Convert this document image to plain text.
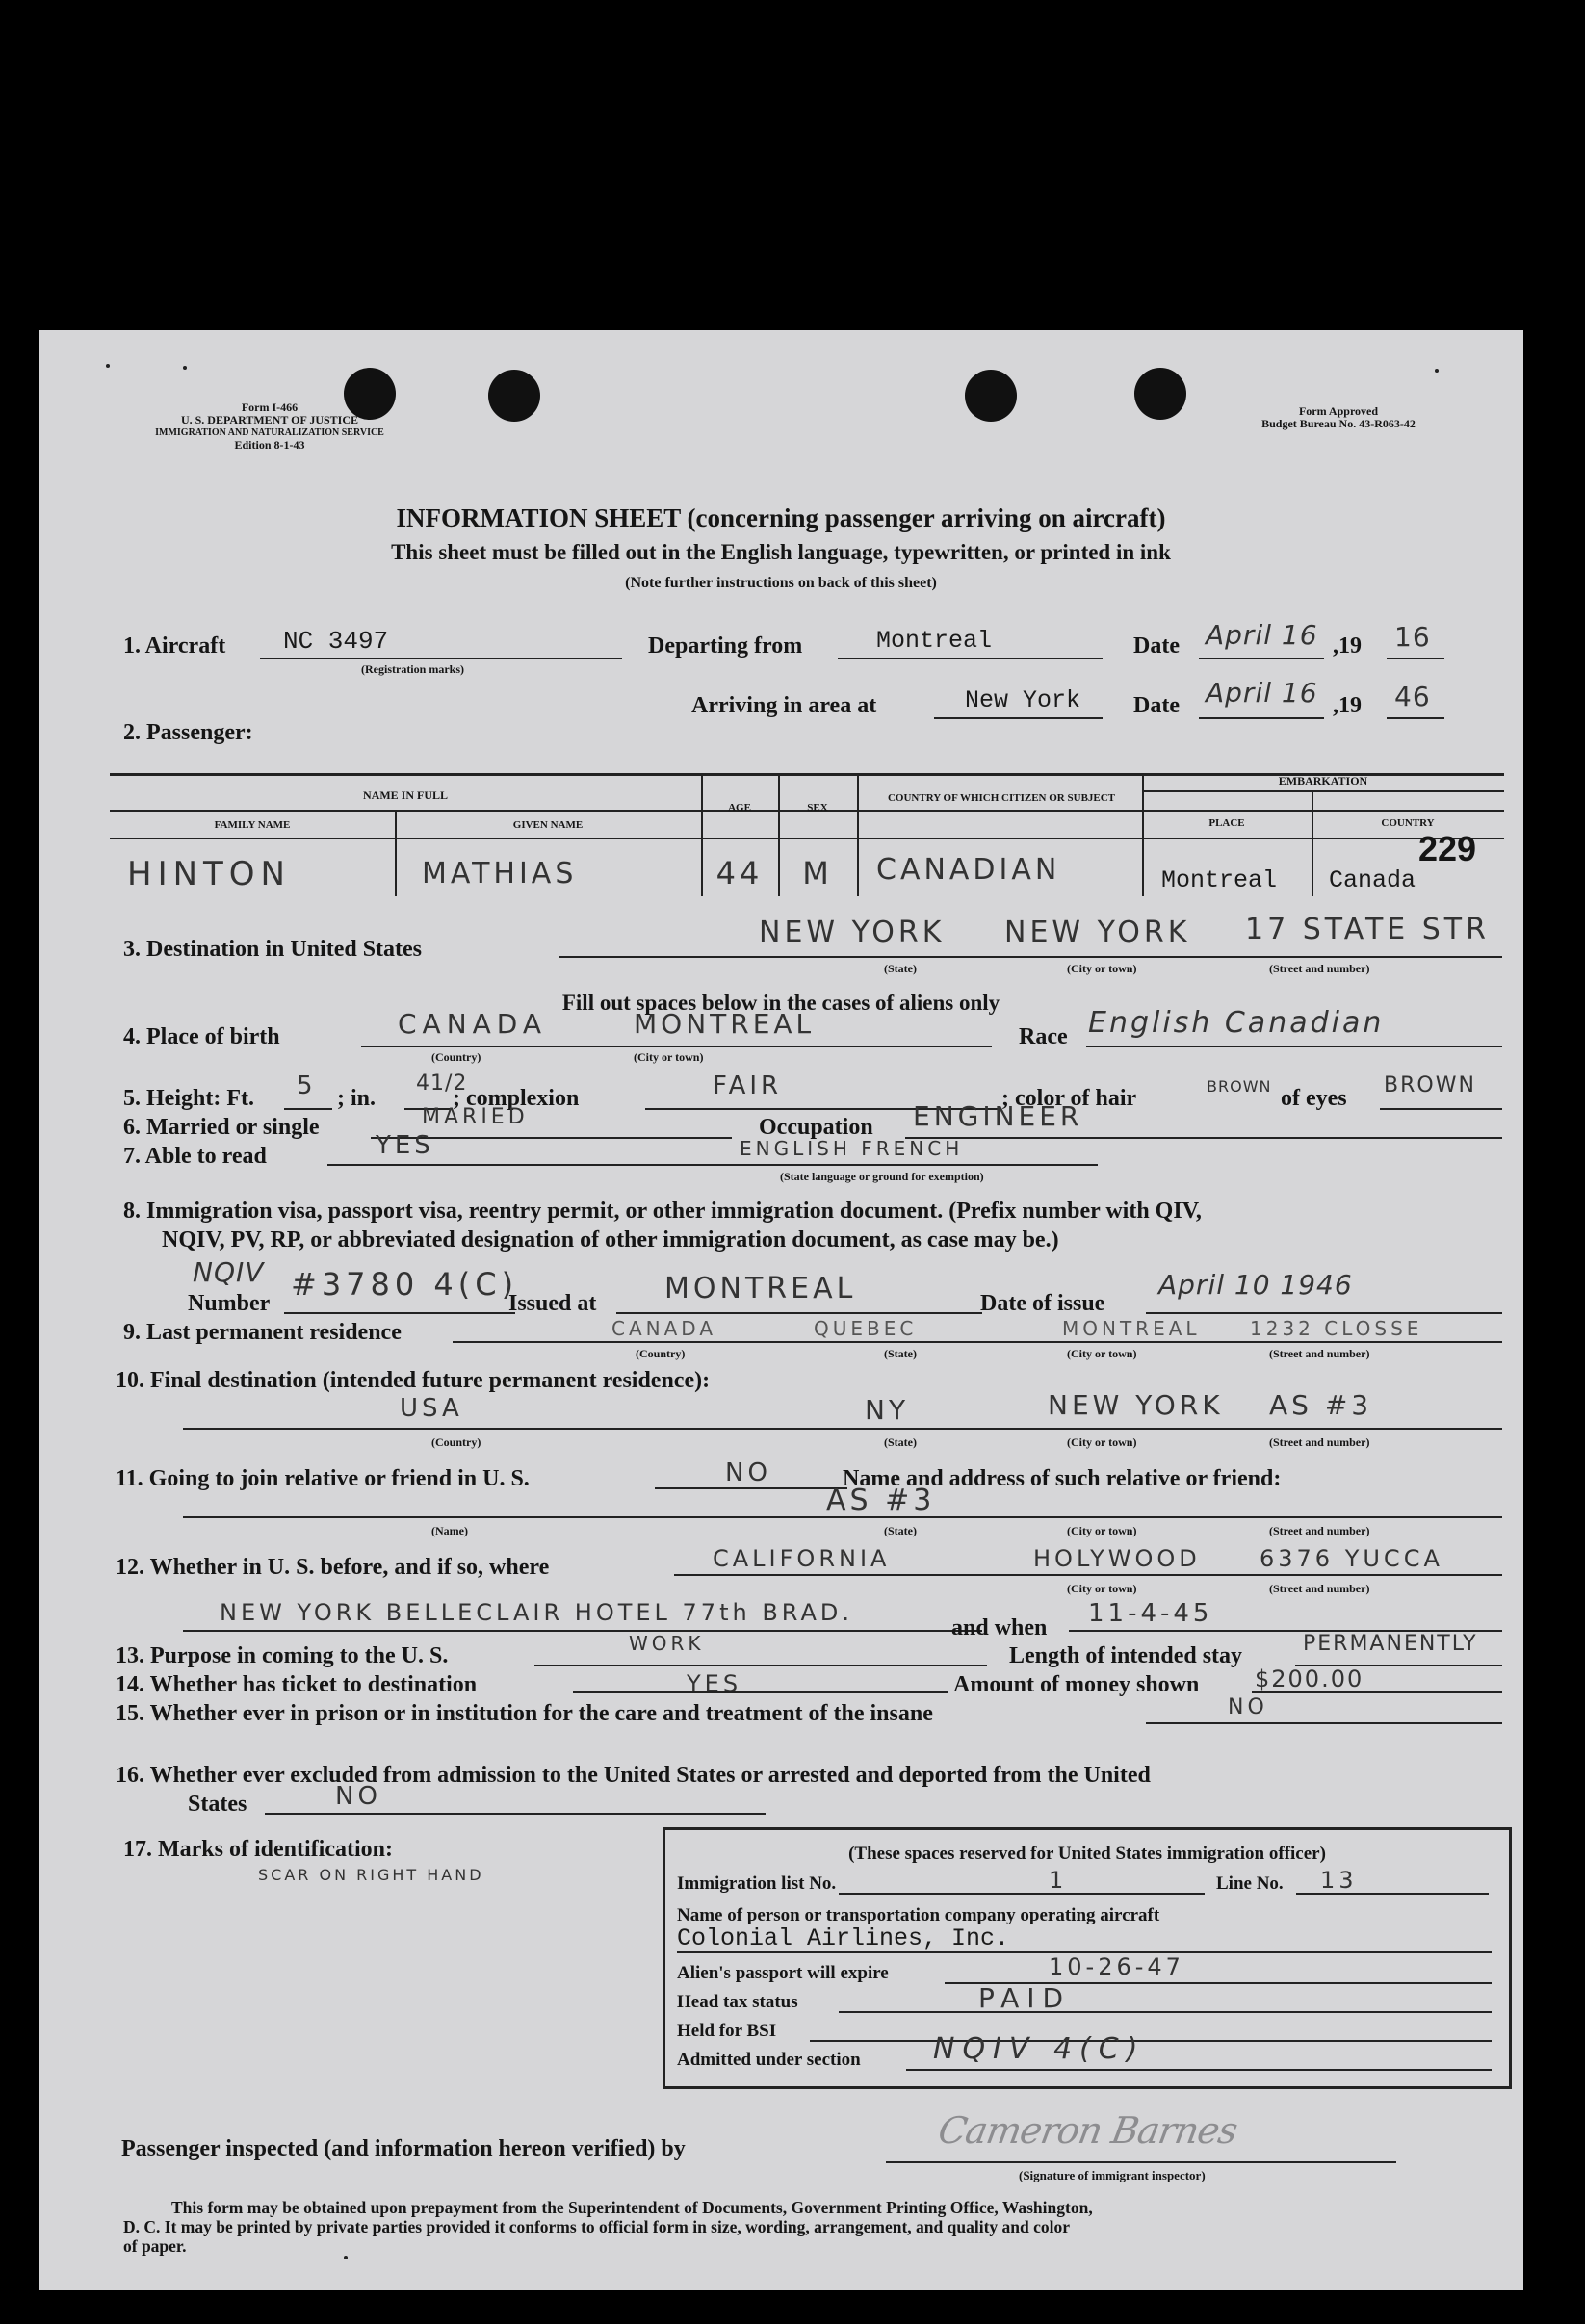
Form I-466
U. S. DEPARTMENT OF JUSTICE
IMMIGRATION AND NATURALIZATION SERVICE
Edition 8-1-43
Form Approved
Budget Bureau No. 43-R063-42
INFORMATION SHEET (concerning passenger arriving on aircraft)
This sheet must be filled out in the English language, typewritten, or printed in ink
(Note further instructions on back of this sheet)
1. Aircraft NC 3497
(Registration marks)
Departing from	Montreal	Date April 16 ,19 16
Arriving in area at	New York Date April 16 ,19 46
2. Passenger:
NAME IN FULL
FAMILY NAME	GIVEN NAME
AGE	SEX
COUNTRY OF WHICH CITIZEN OR SUBJECT
EMBARKATION
PLACE	COUNTRY
HINTON	MATHIAS	44	M	CANADIAN	Montreal Canada
229
3. Destination in United States	NEW YORK NEW YORK 17 STATE STR
(State)	(City or town)	(Street and number)
Fill out spaces below in the cases of aliens only
4. Place of birth	CANADA	MONTREAL
(Country)	(City or town)
Race English Canadian
5. Height: Ft. 5 ; in.
41/2
; complexion	FAIR	; color of hair	BROWN of eyes
BROWN
6. Married or single	MARIED	Occupation ENGINEER
7. Able to read	YES	ENGLISH FRENCH
(State language or ground for exemption)
8. Immigration visa, passport visa, reentry permit, or other immigration document. (Prefix number with QIV,
NQIV, PV, RP, or abbreviated designation of other immigration document, as case may be.)
NQIV
Number
#3780 4(C)
Issued at MONTREAL	Date of issue
April 10 1946
9. Last permanent residence	CANADA	QUEBEC	MONTREAL	1232 CLOSSE
(Country)	(State)	(City or town)	(Street and number)
10. Final destination (intended future permanent residence):
USA	NY	NEW YORK AS #3
(Country)	(State)	(City or town)	(Street and number)
11. Going to join relative or friend in U. S.	NO	Name and address of such relative or friend:
AS #3
(Name)	(State)	(City or town)	(Street and number)
12. Whether in U. S. before, and if so, where	CALIFORNIA	HOLYWOOD	6376 YUCCA
(City or town)	(Street and number)
NEW YORK BELLECLAIR HOTEL 77th BRAD.
and when 11-4-45
13. Purpose in coming to the U. S.	WORK	Length of intended stay	PERMANENTLY
14. Whether has ticket to destination	YES	Amount of money shown $200.00
15. Whether ever in prison or in institution for the care and treatment of the insane	NO
16. Whether ever excluded from admission to the United States or arrested and deported from the United
States	NO
17. Marks of identification:
SCAR ON RIGHT HAND
(These spaces reserved for United States immigration officer)
Immigration list No.	1	Line No. 13
Name of person or transportation company operating aircraft
Colonial Airlines, Inc.
Alien's passport will expire	10-26-47
Head tax status	PAID
Held for BSI
Admitted under section	NQIV 4(C)
Passenger inspected (and information hereon verified) by	Cameron Barnes
(Signature of immigrant inspector)
This form may be obtained upon prepayment from the Superintendent of Documents, Government Printing Office, Washington,
D. C. It may be printed by private parties provided it conforms to official form in size, wording, arrangement, and quality and color
of paper.
